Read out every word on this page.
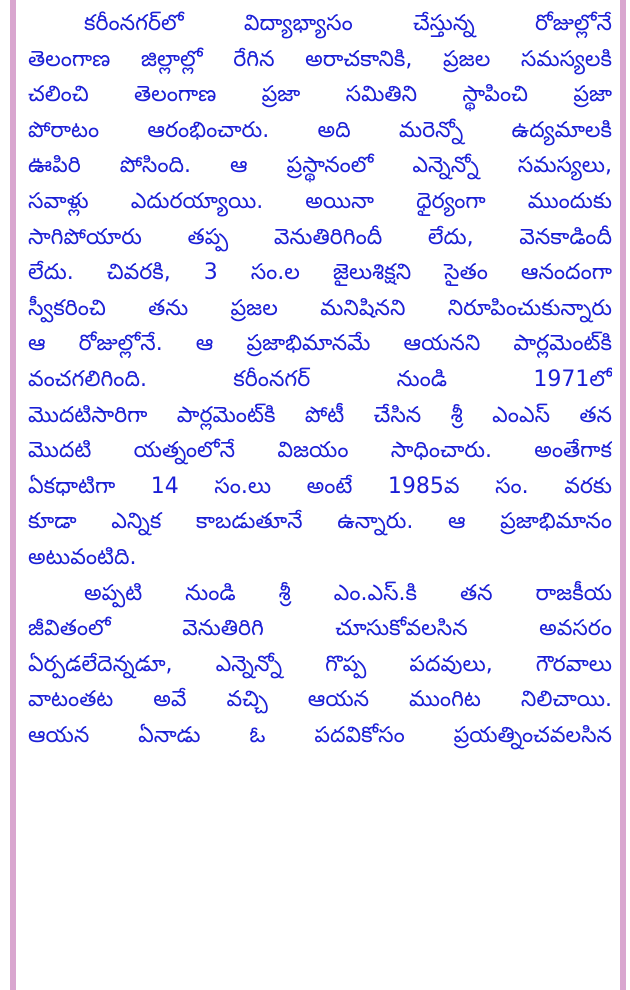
కరీంనగర్‌లో విద్యాభ్యాసం చేస్తున్న రోజుల్లోనే
తెలంగాణ జిల్లాల్లో రేగిన అరాచకానికి, ప్రజల సమస్యలకి
చలించి తెలంగాణ ప్రజా సమితిని స్థాపించి ప్రజా
పోరాటం ఆరంభించారు. అది మరెన్నో ఉద్యమాలకి
ఊపిరి పోసింది. ఆ ప్రస్థానంలో ఎన్నెన్నో సమస్యలు,
సవాళ్లు ఎదురయ్యాయి. అయినా ధైర్యంగా ముందుకు
సాగిపోయారు తప్ప వెనుతిరిగిందీ లేదు, వెనకాడిందీ
లేదు. చివరకి, 3 సం.ల జైలుశిక్షని సైతం ఆనందంగా
స్వీకరించి తను ప్రజల మనిషినని నిరూపించుకున్నారు
ఆ రోజుల్లోనే. ఆ ప్రజాభిమానమే ఆయనని పార్లమెంట్‌కి
వంచగలిగింది. కరీంనగర్ నుండి 1971లో
మొదటిసారిగా పార్లమెంట్‌కి పోటీ చేసిన శ్రీ ఎంఎస్ తన
మొదటి యత్నంలోనే విజయం సాధించారు. అంతేగాక
ఏకధాటిగా 14 సం.లు అంటే 1985వ సం. వరకు
కూడా ఎన్నిక కాబడుతూనే ఉన్నారు. ఆ ప్రజాభిమానం
అటువంటిది.

అప్పటి నుండి శ్రీ ఎం.ఎస్.కి తన రాజకీయ
జీవితంలో వెనుతిరిగి చూసుకోవలసిన అవసరం
ఏర్పడలేదెన్నడూ, ఎన్నెన్నో గొప్ప పదవులు, గౌరవాలు
వాటంతట అవే వచ్చి ఆయన ముంగిట నిలిచాయి.
ఆయన ఏనాడు ఓ పదవికోసం ప్రయత్నించవలసిన
